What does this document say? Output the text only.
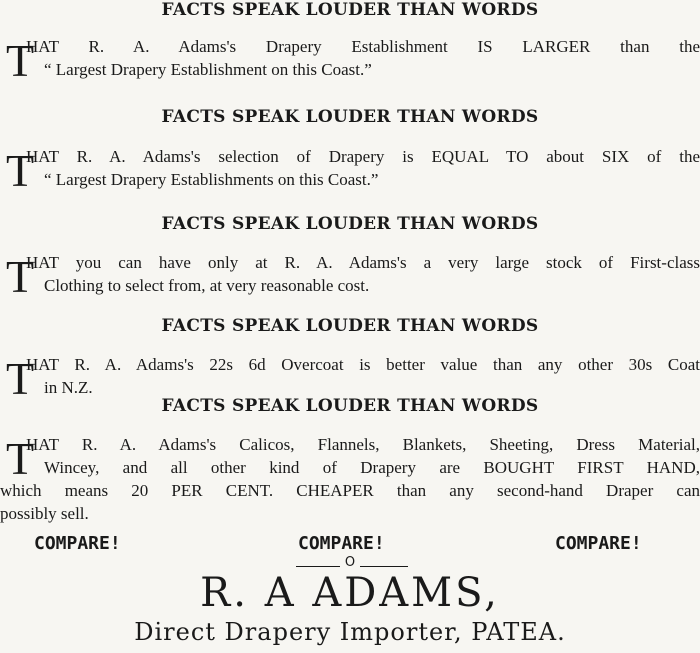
FACTS SPEAK LOUDER THAN WORDS
T
HAT R. A. Adams's Drapery Establishment IS LARGER than the
“ Largest Drapery Establishment on this Coast.”
FACTS SPEAK LOUDER THAN WORDS
T
HAT R. A. Adams's selection of Drapery is EQUAL TO about SIX of the
“ Largest Drapery Establishments on this Coast.”
FACTS SPEAK LOUDER THAN WORDS
T
HAT you can have only at R. A. Adams's a very large stock of First-class
Clothing to select from, at very reasonable cost.
FACTS SPEAK LOUDER THAN WORDS
T
HAT R. A. Adams's 22s 6d Overcoat is better value than any other 30s Coat
in N.Z.
FACTS SPEAK LOUDER THAN WORDS
T
HAT R. A. Adams's Calicos, Flannels, Blankets, Sheeting, Dress Material,
Wincey, and all other kind of Drapery are BOUGHT FIRST HAND,
which means 20 PER CENT. CHEAPER than any second-hand Draper can
possibly sell.
COMPARE!	COMPARE!	COMPARE!
O
R. A ADAMS,
Direct Drapery Importer, PATEA.
